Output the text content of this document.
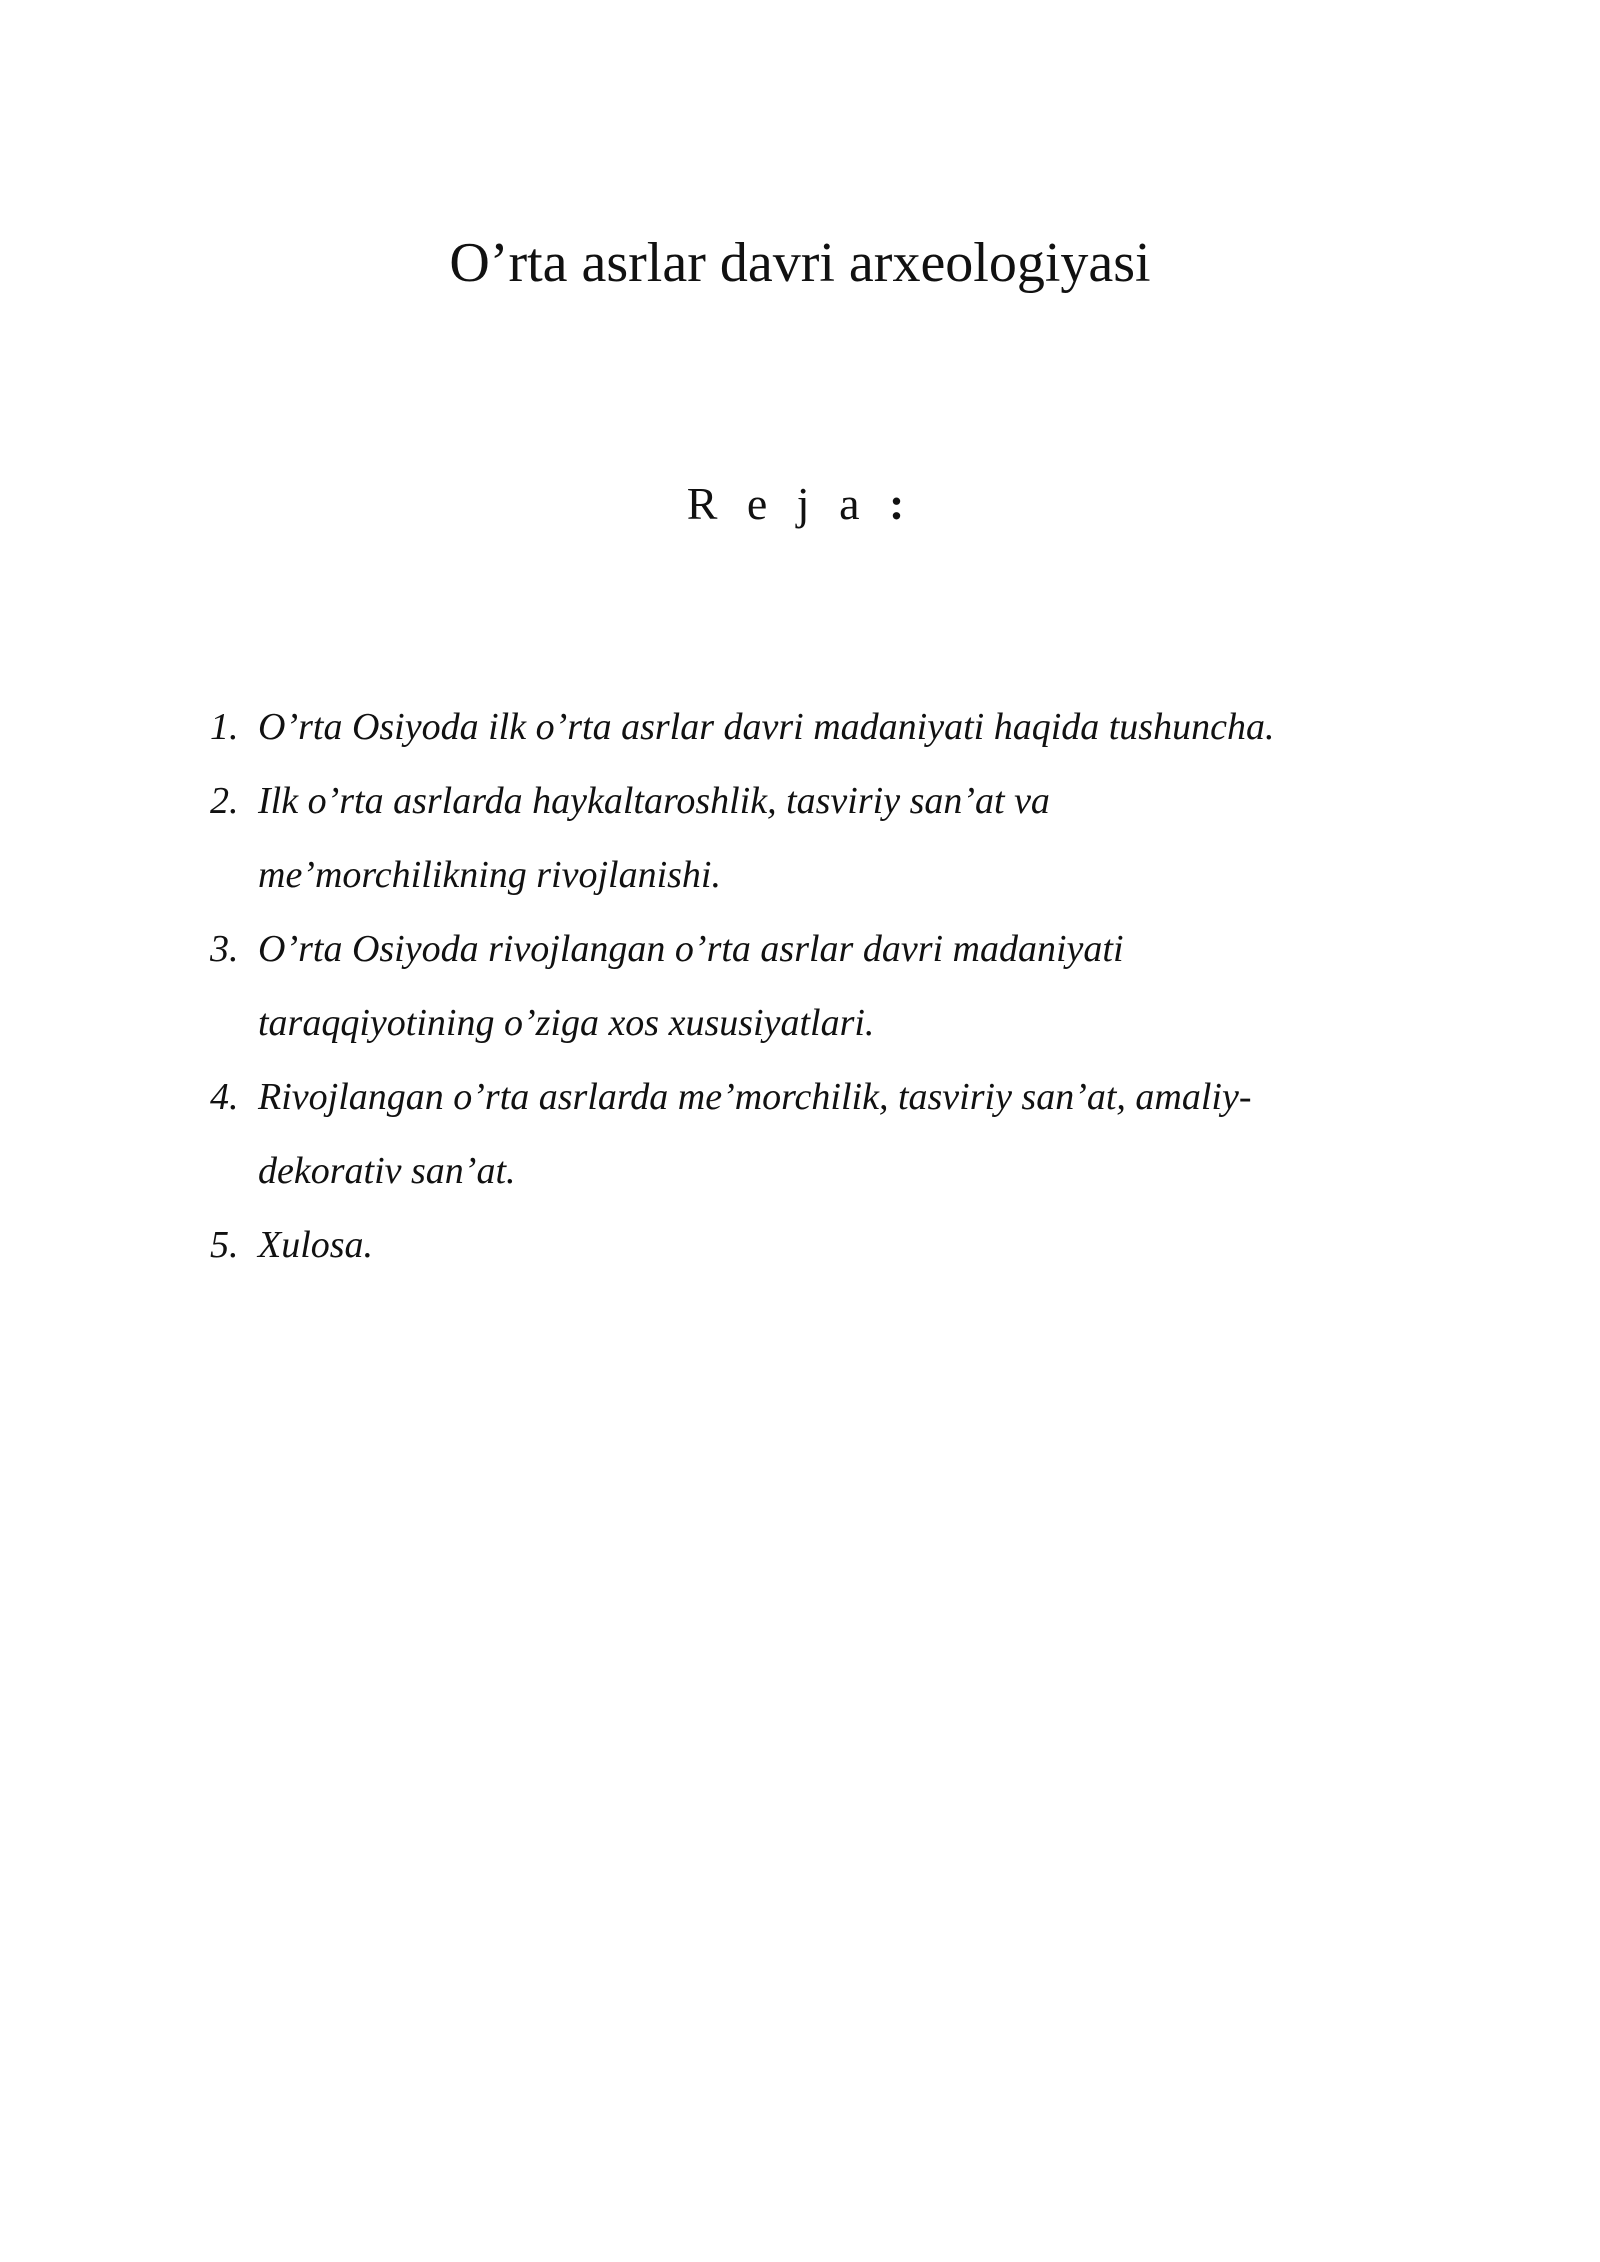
O’rta asrlar davri arxeologiyasi

R e j a :

1. O’rta Osiyoda ilk o’rta asrlar davri madaniyati haqida tushuncha.
2. Ilk o’rta asrlarda haykaltaroshlik, tasviriy san’at va
me’morchilikning rivojlanishi.
3. O’rta Osiyoda rivojlangan o’rta asrlar davri madaniyati
taraqqiyotining o’ziga xos xususiyatlari.
4. Rivojlangan o’rta asrlarda me’morchilik, tasviriy san’at, amaliy-
dekorativ san’at.
5. Xulosa.
